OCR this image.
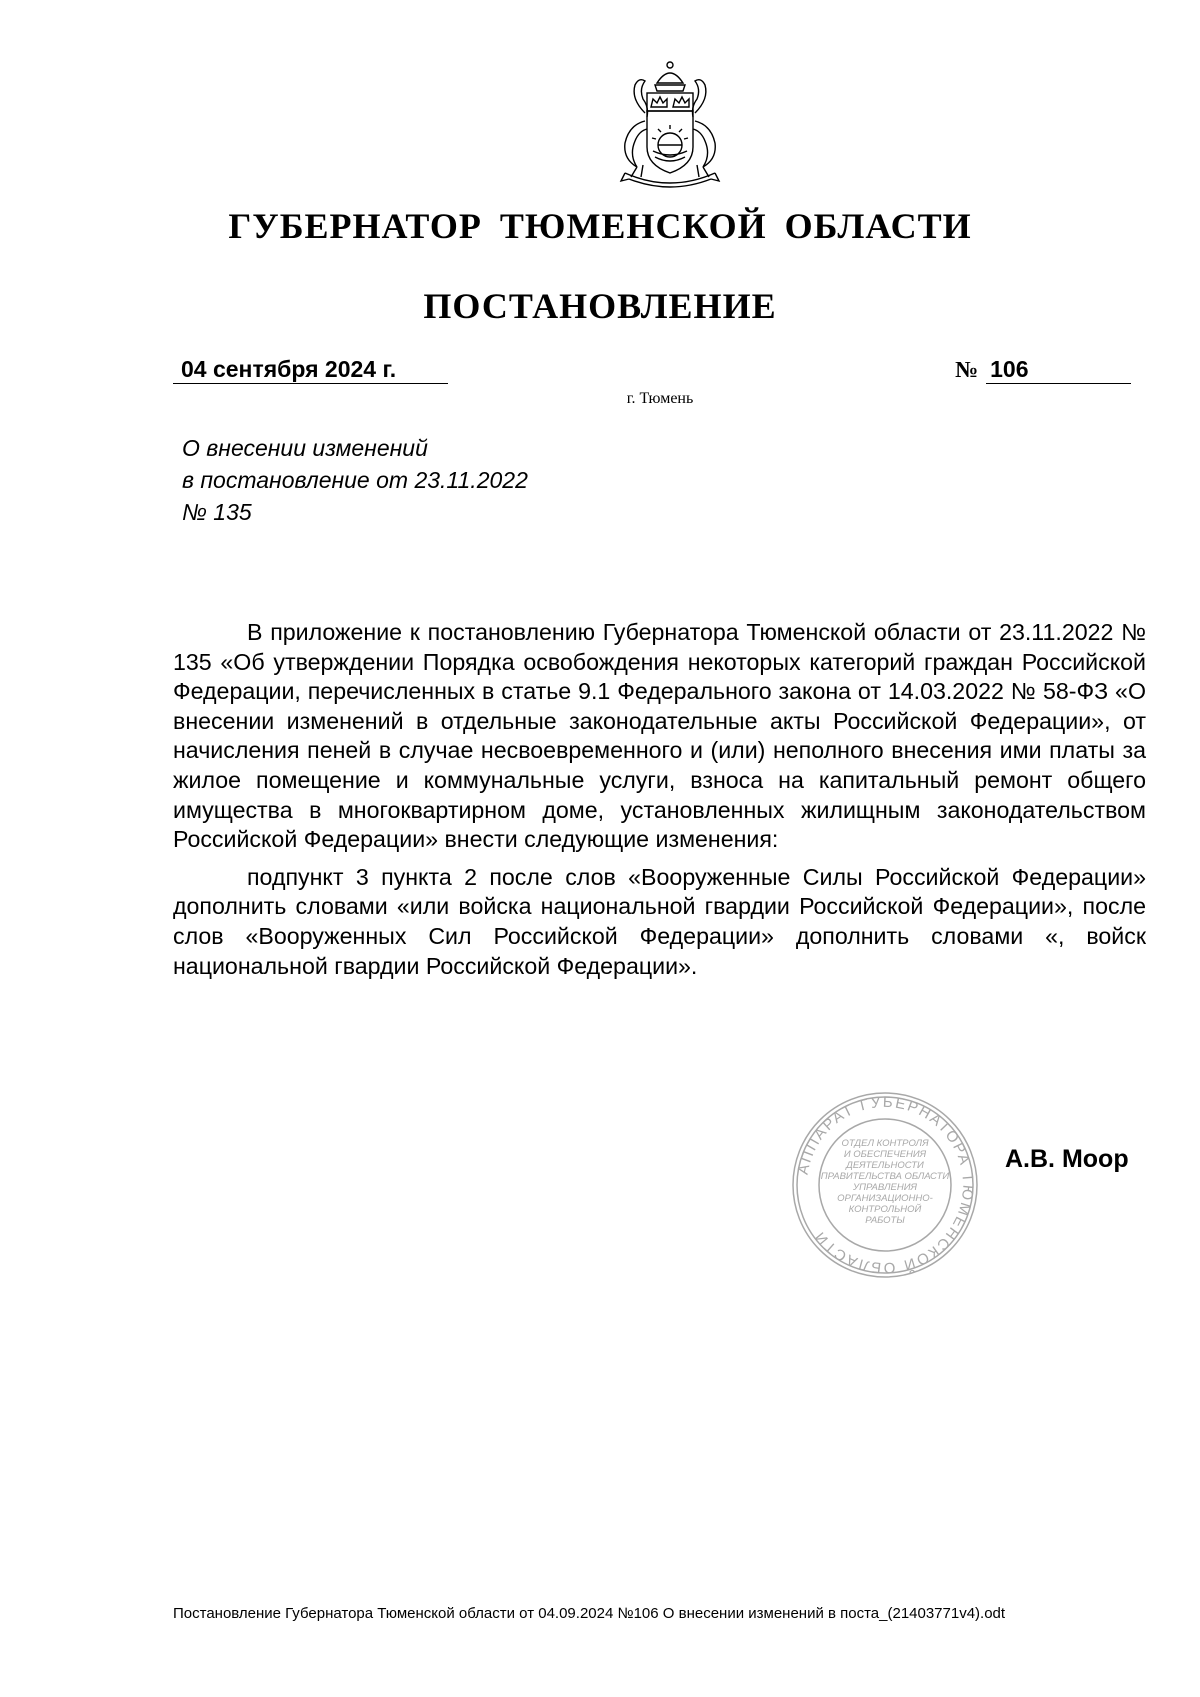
ГУБЕРНАТОР ТЮМЕНСКОЙ ОБЛАСТИ
ПОСТАНОВЛЕНИЕ
04 сентября 2024 г.	№ 106
г. Тюмень
О внесении изменений
в постановление от 23.11.2022
№ 135

В приложение к постановлению Губернатора Тюменской области от 23.11.2022 № 135 «Об утверждении Порядка освобождения некоторых категорий граждан Российской Федерации, перечисленных в статье 9.1 Федерального закона от 14.03.2022 № 58-ФЗ «О внесении изменений в отдельные законодательные акты Российской Федерации», от начисления пеней в случае несвоевременного и (или) неполного внесения ими платы за жилое помещение и коммунальные услуги, взноса на капитальный ремонт общего имущества в многоквартирном доме, установленных жилищным законодательством Российской Федерации» внести следующие изменения:

подпункт 3 пункта 2 после слов «Вооруженные Силы Российской Федерации» дополнить словами «или войска национальной гвардии Российской Федерации», после слов «Вооруженных Сил Российской Федерации» дополнить словами «, войск национальной гвардии Российской Федерации».

АППАРАТ ГУБЕРНАТОРА ТЮМЕНСКОЙ ОБЛАСТИ
ОТДЕЛ КОНТРОЛЯ
И ОБЕСПЕЧЕНИЯ
ДЕЯТЕЛЬНОСТИ
ПРАВИТЕЛЬСТВА ОБЛАСТИ
УПРАВЛЕНИЯ
ОРГАНИЗАЦИОННО-
КОНТРОЛЬНОЙ
РАБОТЫ
А.В. Моор
Постановление Губернатора Тюменской области от 04.09.2024 №106 О внесении изменений в поста_(21403771v4).odt
